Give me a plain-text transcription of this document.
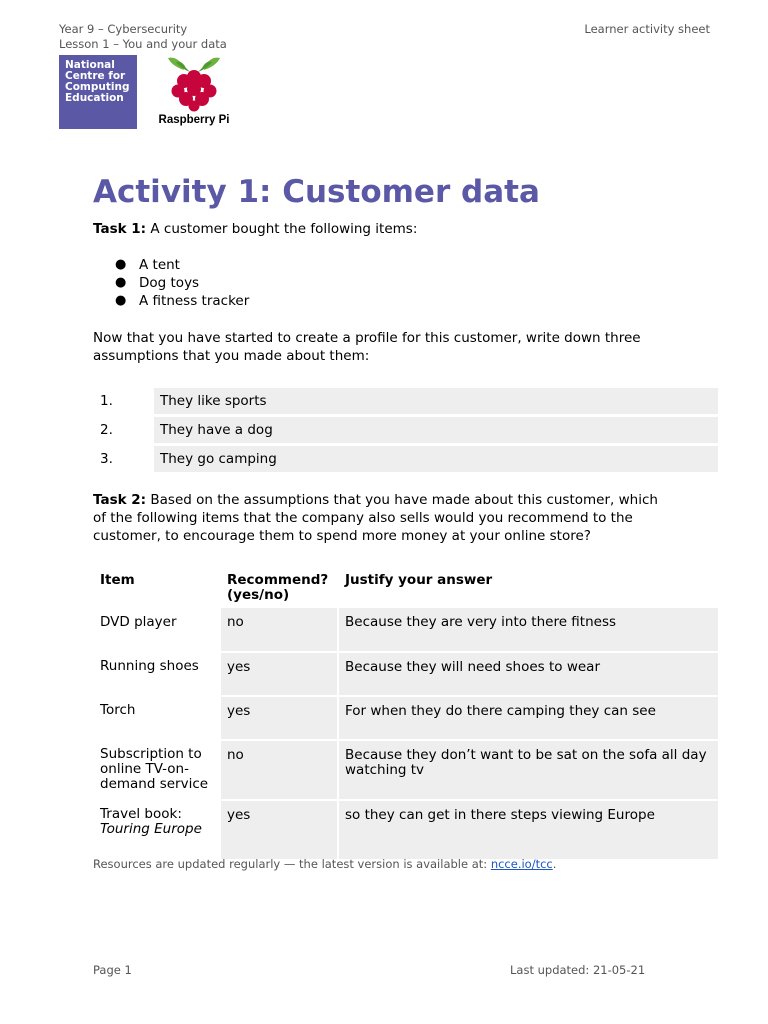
Year 9 – Cybersecurity
Lesson 1 – You and your data
Learner activity sheet
National Centre for Computing Education
Raspberry Pi
Activity 1: Customer data

Task 1: A customer bought the following items:

● A tent
● Dog toys
● A fitness tracker

Now that you have started to create a profile for this customer, write down three assumptions that you made about them:

1.	They like sports
2.	They have a dog
3.	They go camping

Task 2: Based on the assumptions that you have made about this customer, which of the following items that the company also sells would you recommend to the customer, to encourage them to spend more money at your online store?

Item	Recommend? (yes/no)	Justify your answer
DVD player	no	Because they are very into there fitness
Running shoes	yes	Because they will need shoes to wear
Torch	yes	For when they do there camping they can see
Subscription to online TV-on-demand service	no	Because they don’t want to be sat on the sofa all day watching tv
Travel book:
Touring Europe	yes	so they can get in there steps viewing Europe
Resources are updated regularly — the latest version is available at: ncce.io/tcc.
Page 1	Last updated: 21-05-21
